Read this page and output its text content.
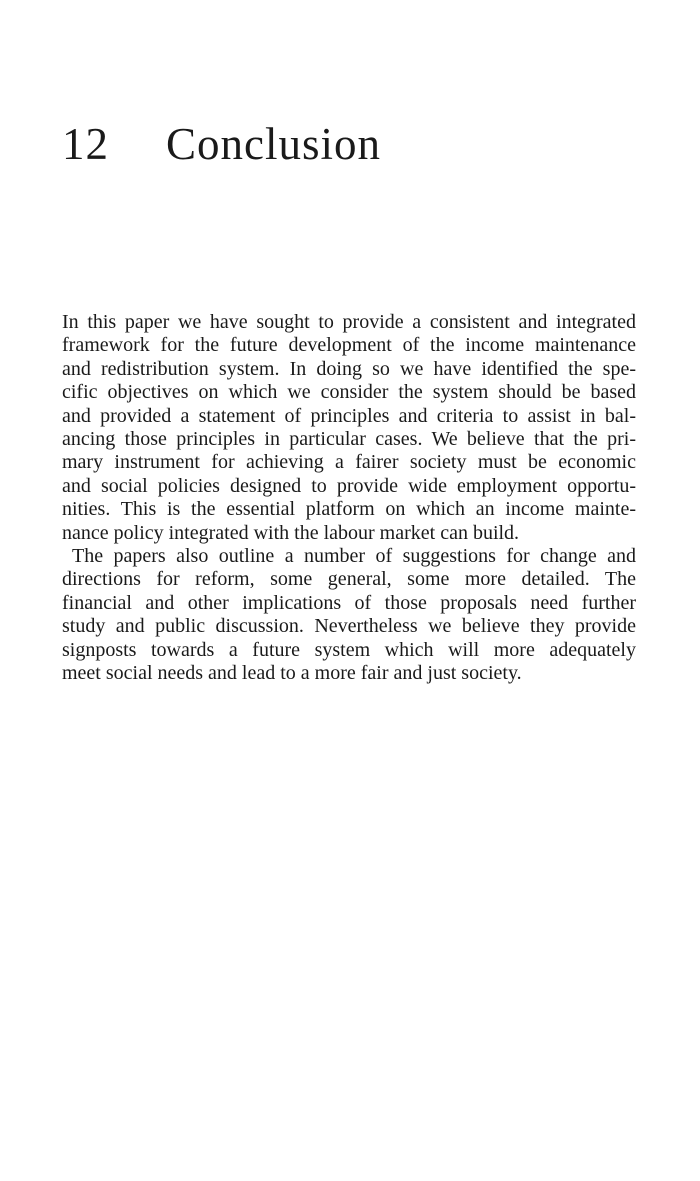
12 Conclusion

In this paper we have sought to provide a consistent and integrated
framework for the future development of the income maintenance
and redistribution system. In doing so we have identified the spe-
cific objectives on which we consider the system should be based
and provided a statement of principles and criteria to assist in bal-
ancing those principles in particular cases. We believe that the pri-
mary instrument for achieving a fairer society must be economic
and social policies designed to provide wide employment opportu-
nities. This is the essential platform on which an income mainte-
nance policy integrated with the labour market can build.

The papers also outline a number of suggestions for change and
directions for reform, some general, some more detailed. The
financial and other implications of those proposals need further
study and public discussion. Nevertheless we believe they provide
signposts towards a future system which will more adequately
meet social needs and lead to a more fair and just society.
